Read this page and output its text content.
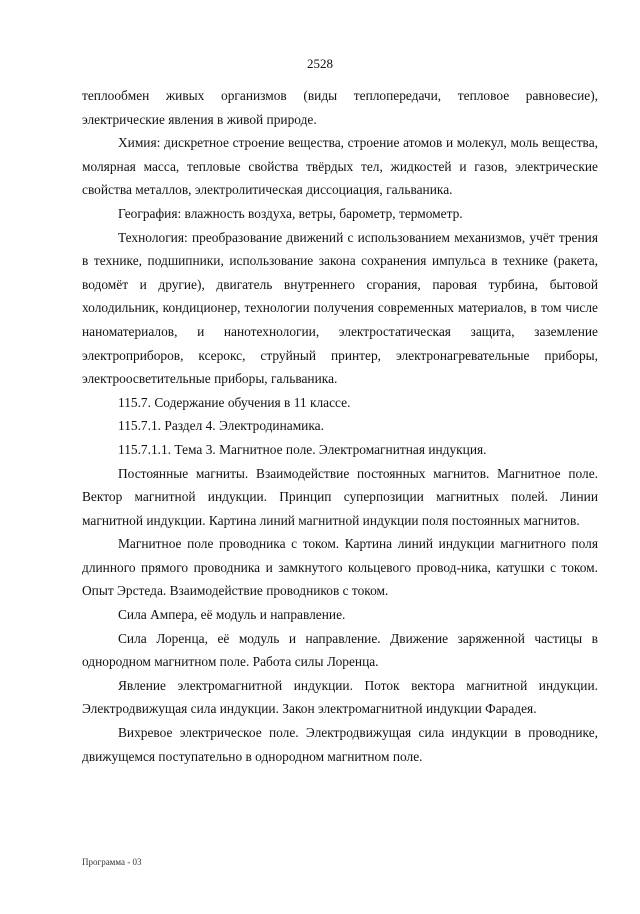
2528

теплообмен живых организмов (виды теплопередачи, тепловое равновесие), электрические явления в живой природе.

Химия: дискретное строение вещества, строение атомов и молекул, моль вещества, молярная масса, тепловые свойства твёрдых тел, жидкостей и газов, электрические свойства металлов, электролитическая диссоциация, гальваника.

География: влажность воздуха, ветры, барометр, термометр.

Технология: преобразование движений с использованием механизмов, учёт трения в технике, подшипники, использование закона сохранения импульса в технике (ракета, водомёт и другие), двигатель внутреннего сгорания, паровая турбина, бытовой холодильник, кондиционер, технологии получения современных материалов, в том числе наноматериалов, и нанотехнологии, электростатическая защита, заземление электроприборов, ксерокс, струйный принтер, электронагревательные приборы, электроосветительные приборы, гальваника.

115.7. Содержание обучения в 11 классе.

115.7.1. Раздел 4. Электродинамика.

115.7.1.1. Тема 3. Магнитное поле. Электромагнитная индукция.

Постоянные магниты. Взаимодействие постоянных магнитов. Магнитное поле. Вектор магнитной индукции. Принцип суперпозиции магнитных полей. Линии магнитной индукции. Картина линий магнитной индукции поля постоянных магнитов.

Магнитное поле проводника с током. Картина линий индукции магнитного поля длинного прямого проводника и замкнутого кольцевого провод-ника, катушки с током. Опыт Эрстеда. Взаимодействие проводников с током.

Сила Ампера, её модуль и направление.

Сила Лоренца, её модуль и направление. Движение заряженной частицы в однородном магнитном поле. Работа силы Лоренца.

Явление электромагнитной индукции. Поток вектора магнитной индукции. Электродвижущая сила индукции. Закон электромагнитной индукции Фарадея.

Вихревое электрическое поле. Электродвижущая сила индукции в проводнике, движущемся поступательно в однородном магнитном поле.

Программа - 03
